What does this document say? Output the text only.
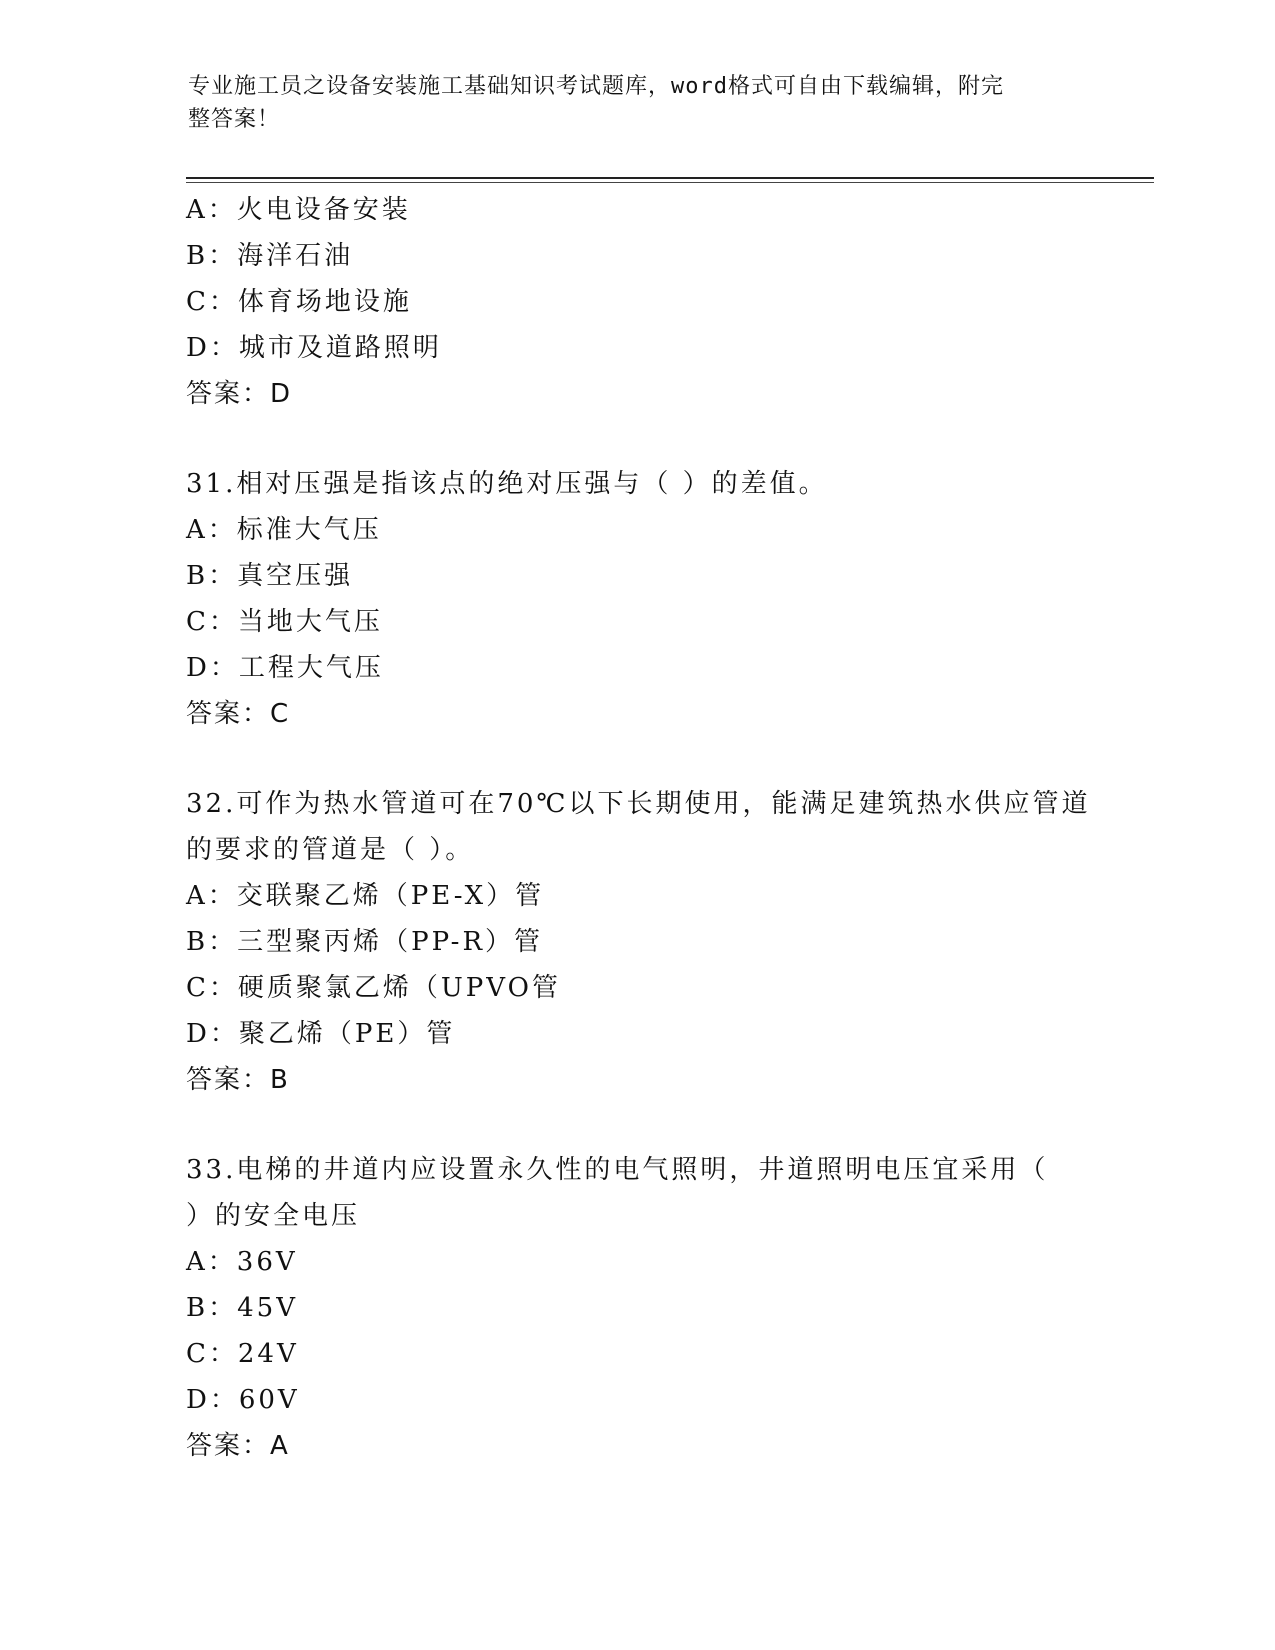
专业施工员之设备安装施工基础知识考试题库，word格式可自由下载编辑，附完
整答案！
A：火电设备安装
B：海洋石油
C：体育场地设施
D：城市及道路照明
答案：D
31.相对压强是指该点的绝对压强与（ ）的差值。
A：标准大气压
B：真空压强
C：当地大气压
D：工程大气压
答案：C
32.可作为热水管道可在70℃以下长期使用，能满足建筑热水供应管道
的要求的管道是（ ）。
A：交联聚乙烯（PE-X）管
B：三型聚丙烯（PP-R）管
C：硬质聚氯乙烯（UPVO管
D：聚乙烯（PE）管
答案：B
33.电梯的井道内应设置永久性的电气照明，井道照明电压宜采用（
）的安全电压
A：36V
B：45V
C：24V
D：60V
答案：A
